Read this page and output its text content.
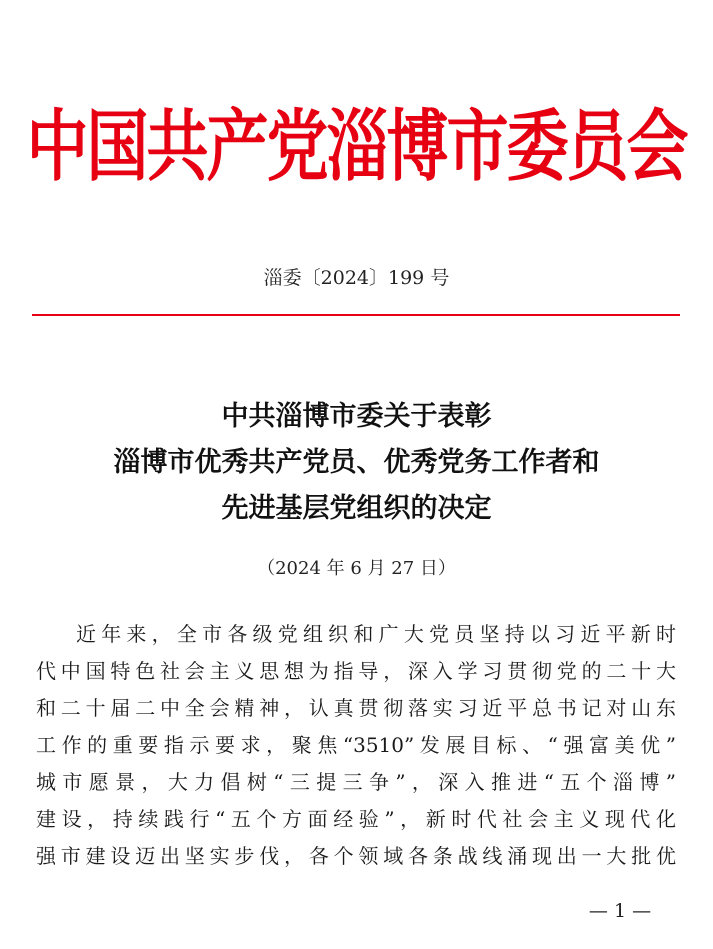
中国共产党淄博市委员会
淄委〔2024〕199 号
中共淄博市委关于表彰
淄博市优秀共产党员、优秀党务工作者和
先进基层党组织的决定
（2024 年 6 月 27 日）
近年来，全市各级党组织和广大党员坚持以习近平新时
代中国特色社会主义思想为指导，深入学习贯彻党的二十大
和二十届二中全会精神，认真贯彻落实习近平总书记对山东
工作的重要指示要求，聚焦“3510”发展目标、“强富美优”
城市愿景，大力倡树“三提三争”，深入推进“五个淄博”
建设，持续践行“五个方面经验”，新时代社会主义现代化
强市建设迈出坚实步伐，各个领域各条战线涌现出一大批优
— 1 —
